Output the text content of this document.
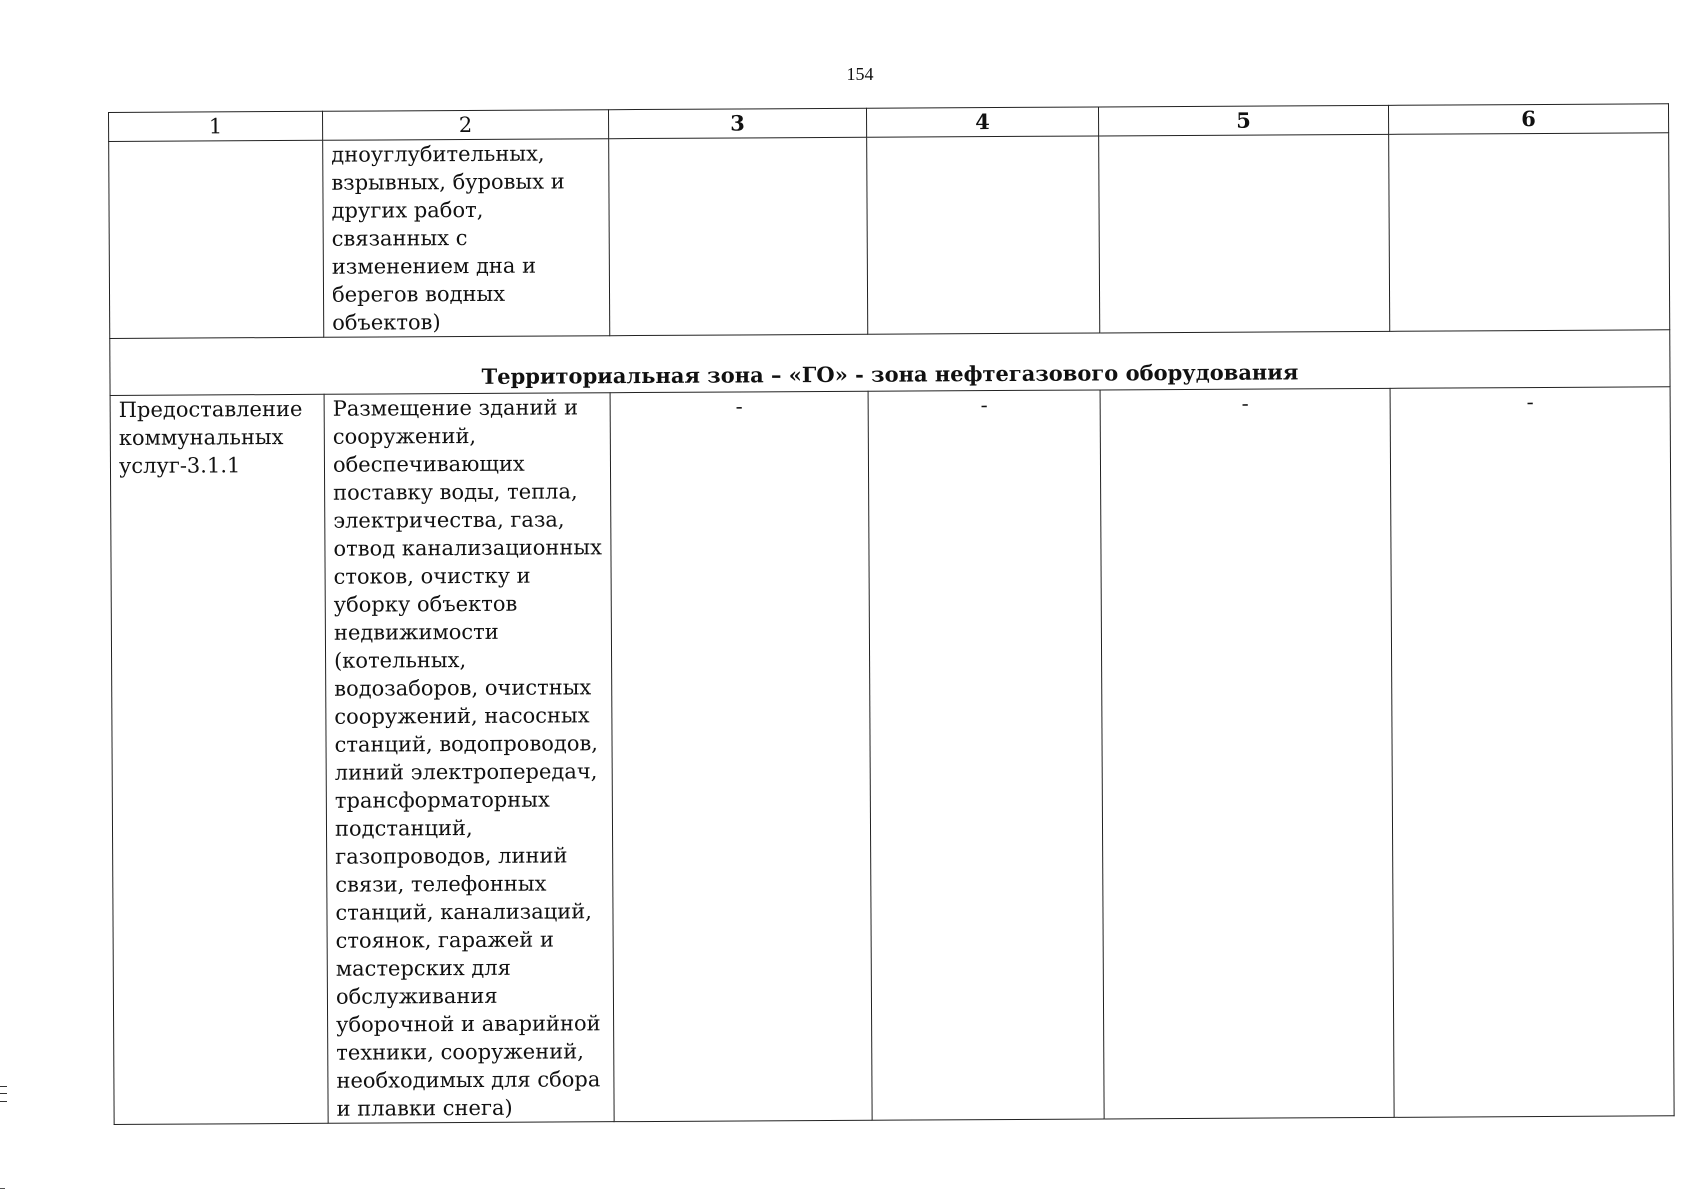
154
1	2	3	4	5	6
	дноуглубительных, взрывных, буровых и других работ, связанных с изменением дна и берегов водных объектов)				
Территориальная зона – «ГО» - зона нефтегазового оборудования					
Предоставление коммунальных услуг-3.1.1	Размещение зданий и сооружений, обеспечивающих поставку воды, тепла, электричества, газа, отвод канализационных стоков, очистку и уборку объектов недвижимости (котельных, водозаборов, очистных сооружений, насосных станций, водопроводов, линий электропередач, трансформаторных подстанций, газопроводов, линий связи, телефонных станций, канализаций, стоянок, гаражей и мастерских для обслуживания уборочной и аварийной техники, сооружений, необходимых для сбора и плавки снега)	-	-	-	-
